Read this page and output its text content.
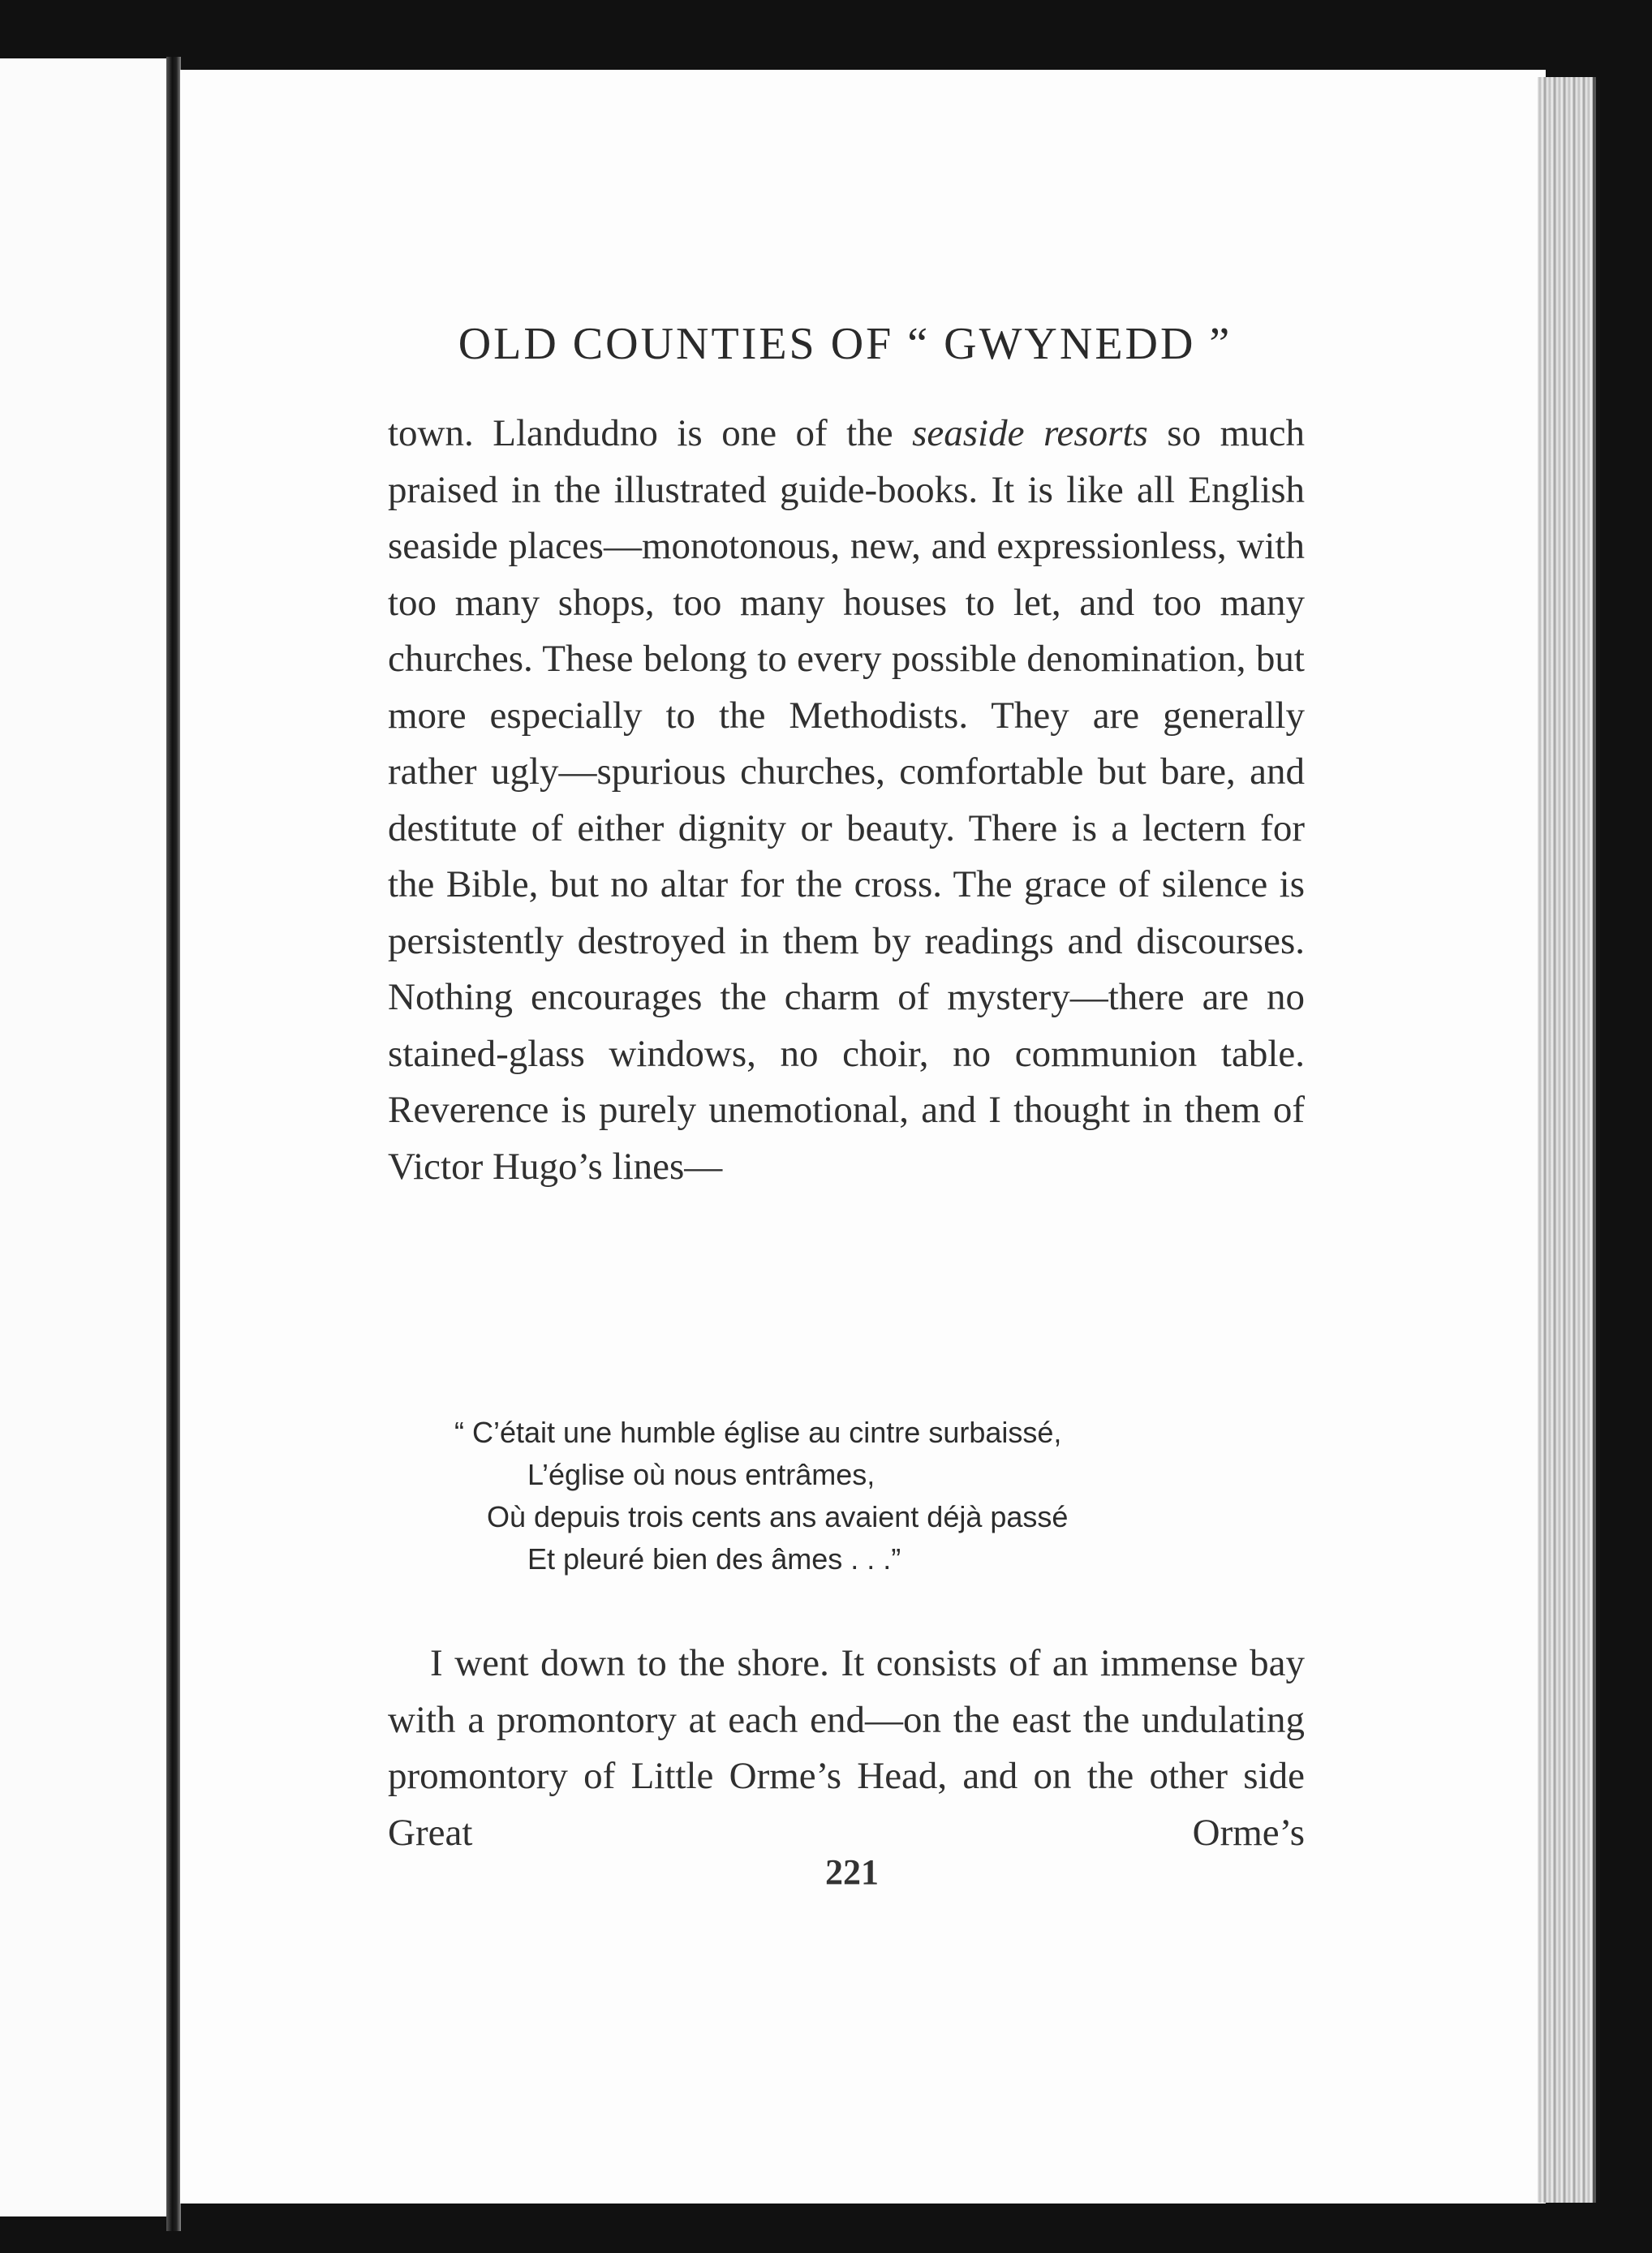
OLD COUNTIES OF “ GWYNEDD ”

town. Llandudno is one of the seaside resorts so much praised in the illustrated guide-books. It is like all English seaside places—monotonous, new, and expressionless, with too many shops, too many houses to let, and too many churches. These belong to every possible denomination, but more especially to the Methodists. They are generally rather ugly—spurious churches, comfortable but bare, and destitute of either dignity or beauty. There is a lectern for the Bible, but no altar for the cross. The grace of silence is persistently destroyed in them by readings and discourses. Nothing encourages the charm of mystery—there are no stained-glass windows, no choir, no communion table. Reverence is purely unemotional, and I thought in them of Victor Hugo’s lines—

“ C’était une humble église au cintre surbaissé,
L’église où nous entrâmes,
Où depuis trois cents ans avaient déjà passé
Et pleuré bien des âmes . . .”
I went down to the shore. It consists of an immense bay with a promontory at each end—on the east the undulating promontory of Little Orme’s Head, and on the other side Great Orme’s
221
